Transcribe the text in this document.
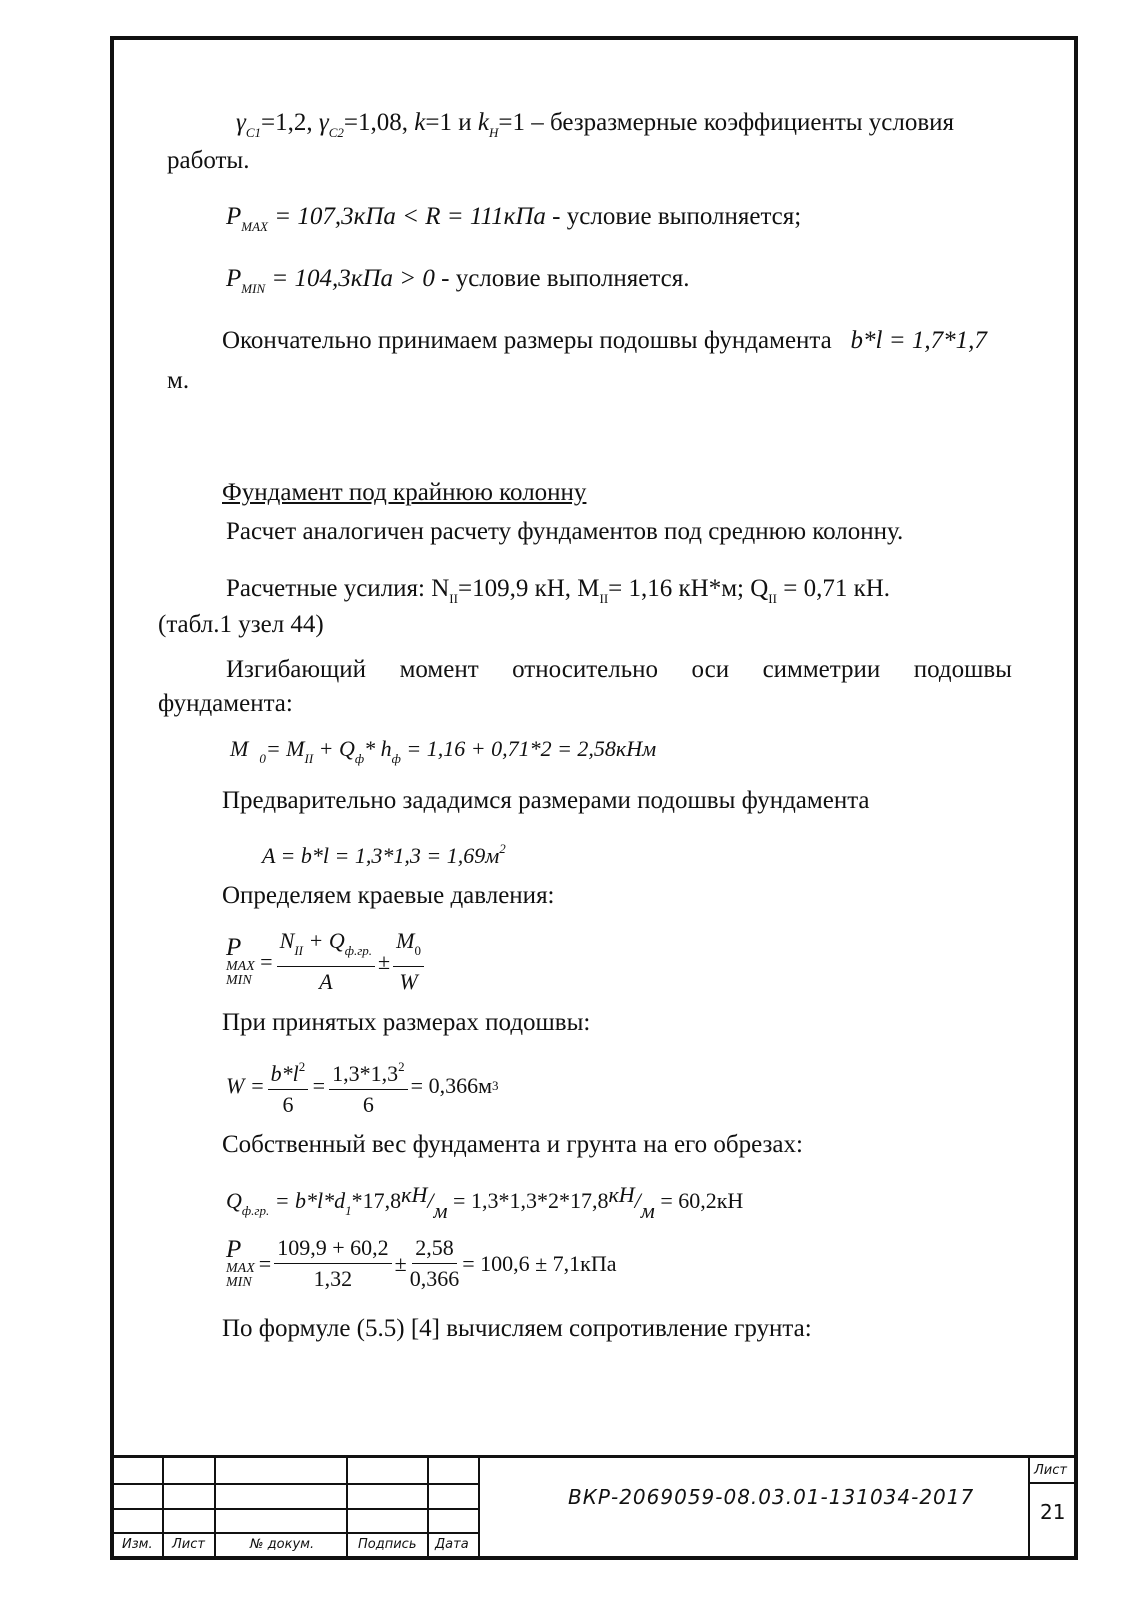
$\gamma_{C1}=1,2$, $\gamma_{C2}=1,08$, k=1 и $k_Н=1$ – безразмерные коэффициенты условия
работы.
$P_{MAX} = 107,3кПа < R = 111кПа$ - условие выполняется;
$P_{MIN} = 104,3кПа > 0$ - условие выполняется.
Окончательно принимаем размеры подошвы фундамента b*l = 1,7*1,7
м.
Фундамент под крайнюю колонну
Расчет аналогичен расчету фундаментов под среднюю колонну.
Расчетные усилия: $N_{II}=109,9$ кН, $M_{II}= 1,16$ кН*м; $Q_{II} = 0,71$ кН.
(табл.1 узел 44)
Изгибающий момент относительно оси симметрии подошвы
фундамента:
M $_0= M_{II} + Q_ф*$ $h_ф = 1,16 + 0,71*2 = 2,58кНм$
Предварительно зададимся размерами подошвы фундамента
$A = b*l = 1,3*1,3 = 1,69м^2$
Определяем краевые давления:
P
MAX
MIN
= $\frac{N_{II} + Q_{ф.гр.}}{A} \pm \frac{M_0}{W}$
При принятых размерах подошвы:
$W = \frac{b*l^2}{6} = \frac{1,3*1,3^2}{6} = 0,366м$ 3
Собственный вес фундамента и грунта на его обрезах:
$Q_{ф.гр.} = b*l*d_1*17,8кН/м = 1,3*1,3*2*17,8кН/м = 60,2кН$
P
MAX
MIN
= $\frac{109,9 + 60,2}{1,32} \pm \frac{2,58}{0,366} = 100,6 \pm 7,1кПа$
По формуле (5.5) [4] вычисляем сопротивление грунта:
Изм. Лист	№ докум.	Подпись Дата
ВКР-2069059-08.03.01-131034-2017
Лист
21
